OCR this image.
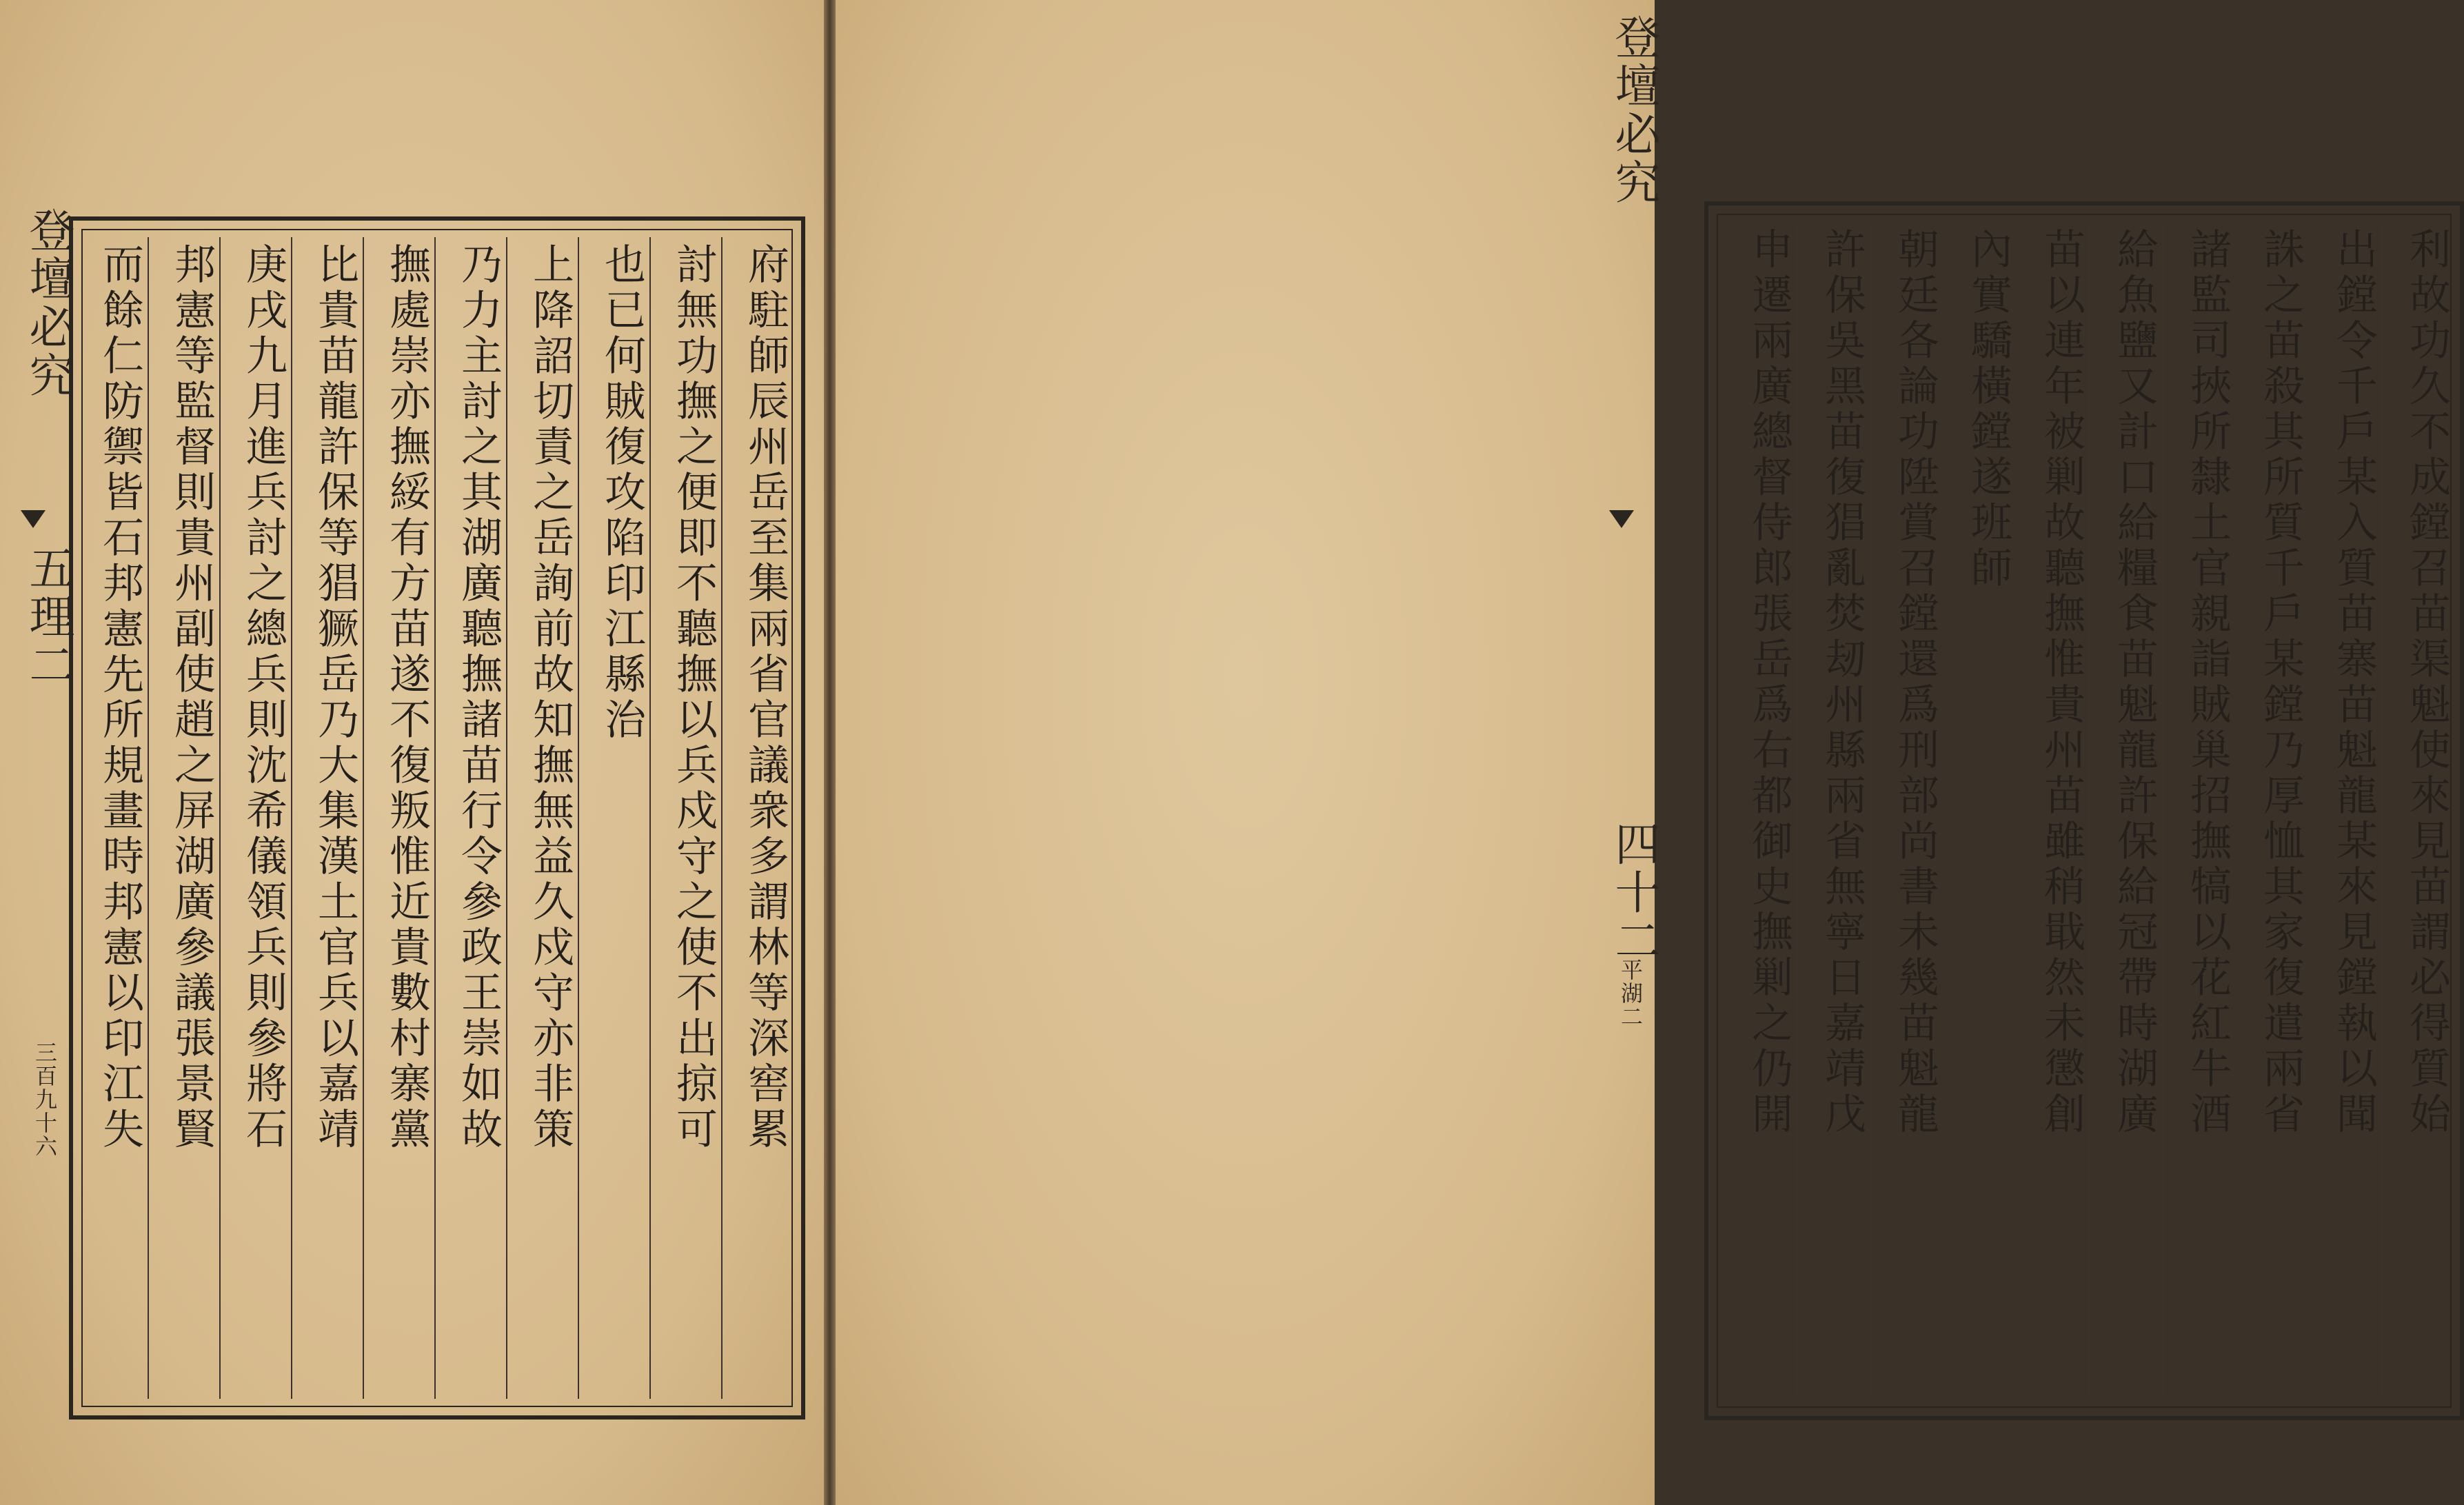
登壇必究
五理二
三百九十六	府駐師辰州岳至集兩省官議衆多謂林等深窖累
討無功撫之便即不聽撫以兵戍守之使不出掠可
也已何賊復攻陷印江縣治
上降詔切責之岳詢前故知撫無益久戍守亦非策
乃力主討之其湖廣聽撫諸苗行令參政王崇如故
撫處崇亦撫綏有方苗遂不復叛惟近貴數村寨黨
比貴苗龍許保等猖獗岳乃大集漢土官兵以嘉靖
庚戌九月進兵討之總兵則沈希儀領兵則參將石
邦憲等監督則貴州副使趙之屏湖廣參議張景賢
而餘仁防禦皆石邦憲先所規畫時邦憲以印江失	利故功久不成鏜召苗渠魁使來見苗謂必得質始
出鏜令千戶某入質苗寨苗魁龍某來見鏜執以聞
誅之苗殺其所質千戶某鏜乃厚恤其家復遣兩省
諸監司挾所隸土官親詣賊巢招撫犒以花紅牛酒
給魚鹽又計口給糧食苗魁龍許保給冠帶時湖廣
苗以連年被剿故聽撫惟貴州苗雖稍戢然未懲創
內實驕橫鏜遂班師
朝廷各論功陞賞召鏜還爲刑部尚書未幾苗魁龍
許保吳黑苗復猖亂焚刼州縣兩省無寧日嘉靖戊
申遷兩廣總督侍郎張岳爲右都御史撫剿之仍開
登壇必究
四十二
平湖二
